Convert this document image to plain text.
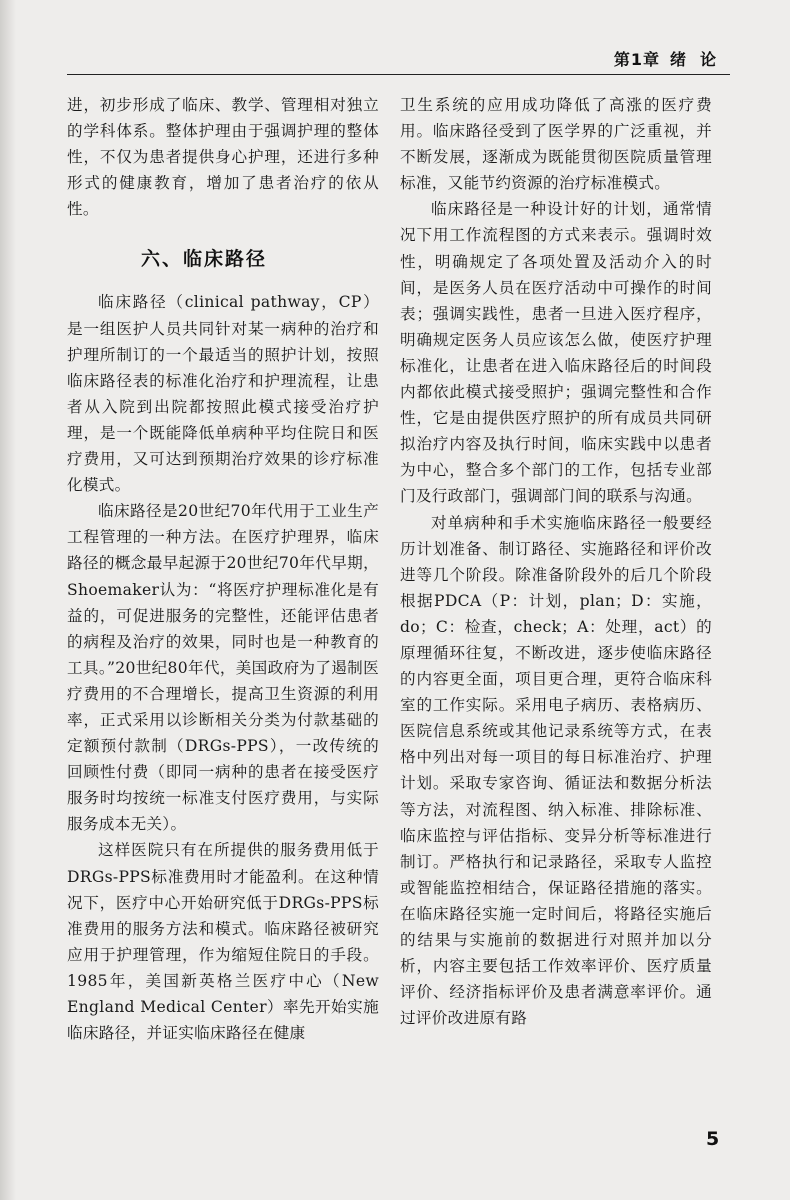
第1章 绪论

进，初步形成了临床、教学、管理相对独立的学科体系。整体护理由于强调护理的整体性，不仅为患者提供身心护理，还进行多种形式的健康教育，增加了患者治疗的依从性。

六、临床路径

临床路径（clinical pathway，CP）是一组医护人员共同针对某一病种的治疗和护理所制订的一个最适当的照护计划，按照临床路径表的标准化治疗和护理流程，让患者从入院到出院都按照此模式接受治疗护理，是一个既能降低单病种平均住院日和医疗费用，又可达到预期治疗效果的诊疗标准化模式。

临床路径是20世纪70年代用于工业生产工程管理的一种方法。在医疗护理界，临床路径的概念最早起源于20世纪70年代早期，Shoemaker认为：“将医疗护理标准化是有益的，可促进服务的完整性，还能评估患者的病程及治疗的效果，同时也是一种教育的工具。”20世纪80年代，美国政府为了遏制医疗费用的不合理增长，提高卫生资源的利用率，正式采用以诊断相关分类为付款基础的定额预付款制（DRGs-PPS），一改传统的回顾性付费（即同一病种的患者在接受医疗服务时均按统一标准支付医疗费用，与实际服务成本无关）。

这样医院只有在所提供的服务费用低于DRGs-PPS标准费用时才能盈利。在这种情况下，医疗中心开始研究低于DRGs-PPS标准费用的服务方法和模式。临床路径被研究应用于护理管理，作为缩短住院日的手段。1985年，美国新英格兰医疗中心（New England Medical Center）率先开始实施临床路径，并证实临床路径在健康

卫生系统的应用成功降低了高涨的医疗费用。临床路径受到了医学界的广泛重视，并不断发展，逐渐成为既能贯彻医院质量管理标准，又能节约资源的治疗标准模式。

临床路径是一种设计好的计划，通常情况下用工作流程图的方式来表示。强调时效性，明确规定了各项处置及活动介入的时间，是医务人员在医疗活动中可操作的时间表；强调实践性，患者一旦进入医疗程序，明确规定医务人员应该怎么做，使医疗护理标准化，让患者在进入临床路径后的时间段内都依此模式接受照护；强调完整性和合作性，它是由提供医疗照护的所有成员共同研拟治疗内容及执行时间，临床实践中以患者为中心，整合多个部门的工作，包括专业部门及行政部门，强调部门间的联系与沟通。

对单病种和手术实施临床路径一般要经历计划准备、制订路径、实施路径和评价改进等几个阶段。除准备阶段外的后几个阶段根据PDCA（P：计划，plan；D：实施，do；C：检查，check；A：处理，act）的原理循环往复，不断改进，逐步使临床路径的内容更全面，项目更合理，更符合临床科室的工作实际。采用电子病历、表格病历、医院信息系统或其他记录系统等方式，在表格中列出对每一项目的每日标准治疗、护理计划。采取专家咨询、循证法和数据分析法等方法，对流程图、纳入标准、排除标准、临床监控与评估指标、变异分析等标准进行制订。严格执行和记录路径，采取专人监控或智能监控相结合，保证路径措施的落实。在临床路径实施一定时间后，将路径实施后的结果与实施前的数据进行对照并加以分析，内容主要包括工作效率评价、医疗质量评价、经济指标评价及患者满意率评价。通过评价改进原有路

5
